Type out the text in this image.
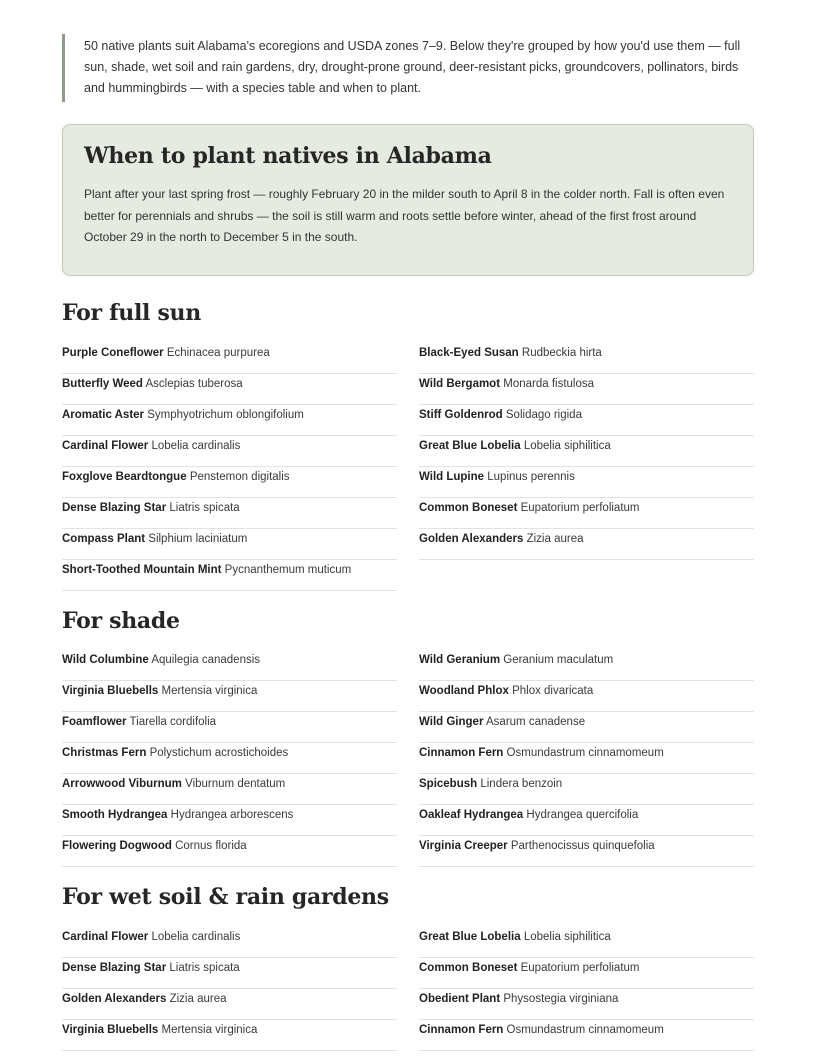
50 native plants suit Alabama's ecoregions and USDA zones 7–9. Below they're grouped by how you'd use them — full sun, shade, wet soil and rain gardens, dry, drought-prone ground, deer-resistant picks, groundcovers, pollinators, birds and hummingbirds — with a species table and when to plant.

When to plant natives in Alabama

Plant after your last spring frost — roughly February 20 in the milder south to April 8 in the colder north. Fall is often even better for perennials and shrubs — the soil is still warm and roots settle before winter, ahead of the first frost around October 29 in the north to December 5 in the south.

For full sun
Purple Coneflower Echinacea purpurea
Butterfly Weed Asclepias tuberosa
Aromatic Aster Symphyotrichum oblongifolium
Cardinal Flower Lobelia cardinalis
Foxglove Beardtongue Penstemon digitalis
Dense Blazing Star Liatris spicata
Compass Plant Silphium laciniatum
Short-Toothed Mountain Mint Pycnanthemum muticum
Black-Eyed Susan Rudbeckia hirta
Wild Bergamot Monarda fistulosa
Stiff Goldenrod Solidago rigida
Great Blue Lobelia Lobelia siphilitica
Wild Lupine Lupinus perennis
Common Boneset Eupatorium perfoliatum
Golden Alexanders Zizia aurea
For shade
Wild Columbine Aquilegia canadensis
Virginia Bluebells Mertensia virginica
Foamflower Tiarella cordifolia
Christmas Fern Polystichum acrostichoides
Arrowwood Viburnum Viburnum dentatum
Smooth Hydrangea Hydrangea arborescens
Flowering Dogwood Cornus florida
Wild Geranium Geranium maculatum
Woodland Phlox Phlox divaricata
Wild Ginger Asarum canadense
Cinnamon Fern Osmundastrum cinnamomeum
Spicebush Lindera benzoin
Oakleaf Hydrangea Hydrangea quercifolia
Virginia Creeper Parthenocissus quinquefolia
For wet soil & rain gardens
Cardinal Flower Lobelia cardinalis
Dense Blazing Star Liatris spicata
Golden Alexanders Zizia aurea
Virginia Bluebells Mertensia virginica
Great Blue Lobelia Lobelia siphilitica
Common Boneset Eupatorium perfoliatum
Obedient Plant Physostegia virginiana
Cinnamon Fern Osmundastrum cinnamomeum
